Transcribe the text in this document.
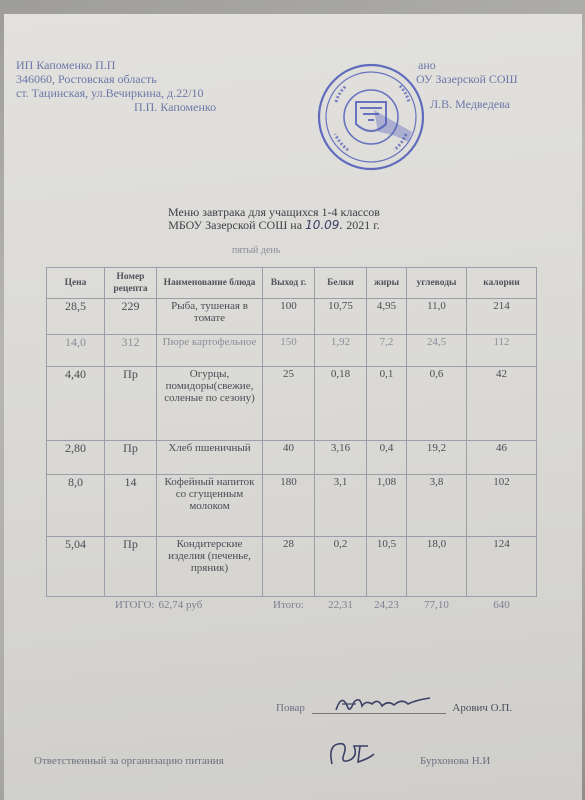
ИП Капоменко П.П
346060, Ростовская область
ст. Тацинская, ул.Вечиркина, д.22/10

П.П. Капоменко
ано
ОУ Зазерской СОШ
Л.В. Медведева
Меню завтрака для учащихся 1-4 классов
МБОУ Зазерской СОШ на 10.09. 2021 г.
пятый день
Цена	Номер рецепта	Наименование блюда	Выход г.	Белки	жиры	углеводы	калории
28,5	229	Рыба, тушеная в томате	100	10,75	4,95	11,0	214
14,0	312	Пюре картофельное	150	1,92	7,2	24,5	112
4,40	Пр	Огурцы, помидоры(свежие, соленые по сезону)	25	0,18	0,1	0,6	42
2,80	Пр	Хлеб пшеничный	40	3,16	0,4	19,2	46
8,0	14	Кофейный напиток со сгущенным молоком	180	3,1	1,08	3,8	102
5,04	Пр	Кондитерские изделия (печенье, пряник)	28	0,2	10,5	18,0	124
ИТОГО:		62,74 руб	Итого:	22,31	24,23	77,10	640
Повар	Арович О.П.
Ответственный за организацию питания	Бурхонова Н.И
